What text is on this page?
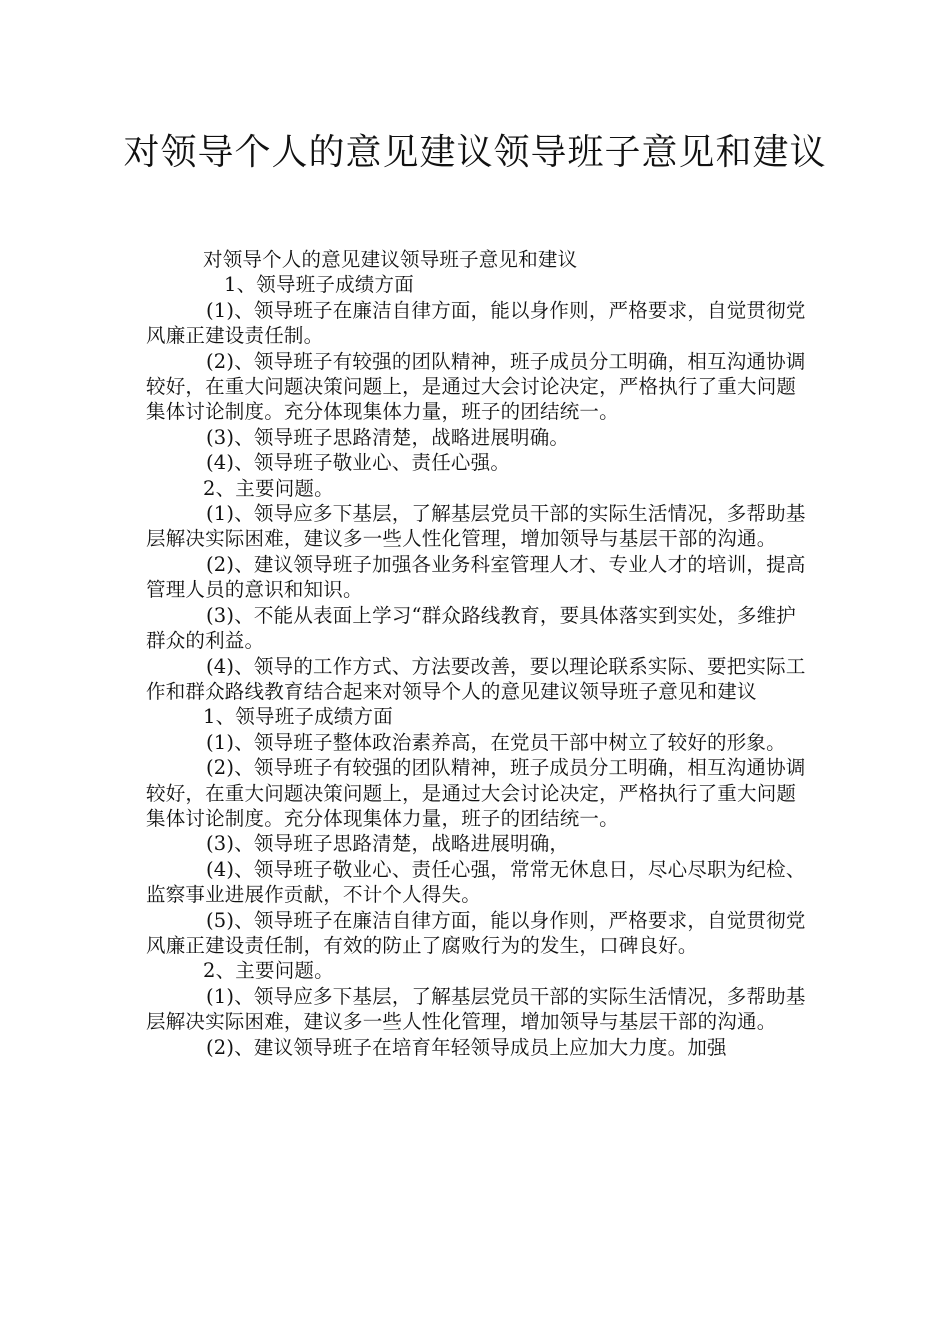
对领导个人的意见建议领导班子意见和建议

对领导个人的意见建议领导班子意见和建议

1、领导班子成绩方面

(1)、领导班子在廉洁自律方面，能以身作则，严格要求，自觉贯彻党风廉正建设责任制。

(2)、领导班子有较强的团队精神，班子成员分工明确，相互沟通协调较好，在重大问题决策问题上，是通过大会讨论决定，严格执行了重大问题集体讨论制度。充分体现集体力量，班子的团结统一。

(3)、领导班子思路清楚，战略进展明确。

(4)、领导班子敬业心、责任心强。

2、主要问题。

(1)、领导应多下基层，了解基层党员干部的实际生活情况，多帮助基层解决实际困难，建议多一些人性化管理，增加领导与基层干部的沟通。

(2)、建议领导班子加强各业务科室管理人才、专业人才的培训，提高管理人员的意识和知识。

(3)、不能从表面上学习“群众路线教育，要具体落实到实处，多维护群众的利益。

(4)、领导的工作方式、方法要改善，要以理论联系实际、要把实际工作和群众路线教育结合起来对领导个人的意见建议领导班子意见和建议

1、领导班子成绩方面

(1)、领导班子整体政治素养高，在党员干部中树立了较好的形象。

(2)、领导班子有较强的团队精神，班子成员分工明确，相互沟通协调较好，在重大问题决策问题上，是通过大会讨论决定，严格执行了重大问题集体讨论制度。充分体现集体力量，班子的团结统一。

(3)、领导班子思路清楚，战略进展明确，

(4)、领导班子敬业心、责任心强，常常无休息日，尽心尽职为纪检、监察事业进展作贡献，不计个人得失。

(5)、领导班子在廉洁自律方面，能以身作则，严格要求，自觉贯彻党风廉正建设责任制，有效的防止了腐败行为的发生，口碑良好。

2、主要问题。

(1)、领导应多下基层，了解基层党员干部的实际生活情况，多帮助基层解决实际困难，建议多一些人性化管理，增加领导与基层干部的沟通。

(2)、建议领导班子在培育年轻领导成员上应加大力度。加强
